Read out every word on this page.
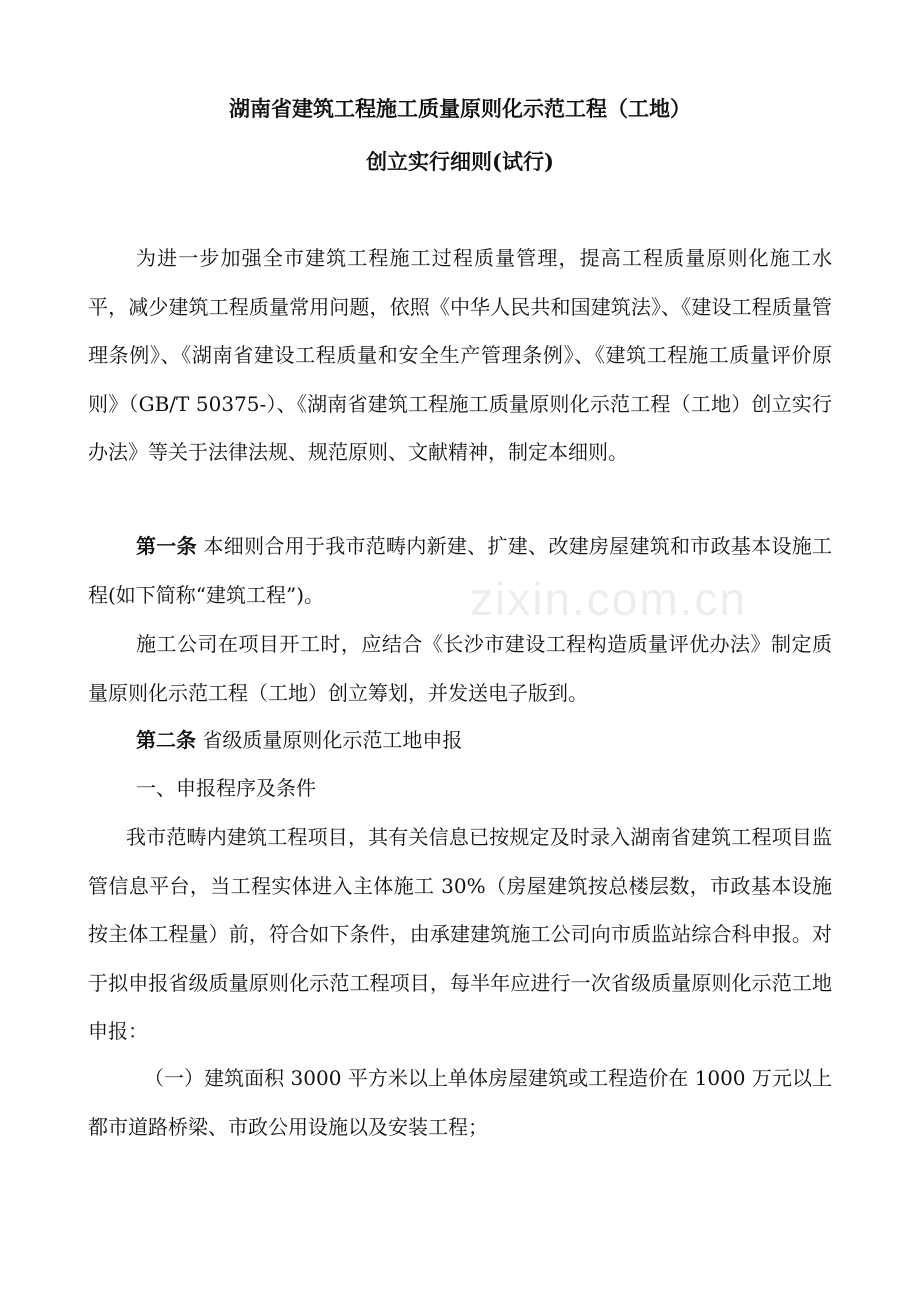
zixin.com.cn
湖南省建筑工程施工质量原则化示范工程（工地）
创立实行细则(试行)

为进一步加强全市建筑工程施工过程质量管理，提高工程质量原则化施工水平，减少建筑工程质量常用问题，依照《中华人民共和国建筑法》、《建设工程质量管理条例》、《湖南省建设工程质量和安全生产管理条例》、《建筑工程施工质量评价原则》（GB/T 50375-）、《湖南省建筑工程施工质量原则化示范工程（工地）创立实行办法》等关于法律法规、规范原则、文献精神，制定本细则。

第一条 本细则合用于我市范畴内新建、扩建、改建房屋建筑和市政基本设施工程(如下简称“建筑工程”)。

施工公司在项目开工时，应结合《长沙市建设工程构造质量评优办法》制定质量原则化示范工程（工地）创立筹划，并发送电子版到。

第二条 省级质量原则化示范工地申报

一、申报程序及条件

我市范畴内建筑工程项目，其有关信息已按规定及时录入湖南省建筑工程项目监管信息平台，当工程实体进入主体施工 30%（房屋建筑按总楼层数，市政基本设施按主体工程量）前，符合如下条件，由承建建筑施工公司向市质监站综合科申报。对于拟申报省级质量原则化示范工程项目，每半年应进行一次省级质量原则化示范工地申报：

（一）建筑面积 3000 平方米以上单体房屋建筑或工程造价在 1000 万元以上都市道路桥梁、市政公用设施以及安装工程；
